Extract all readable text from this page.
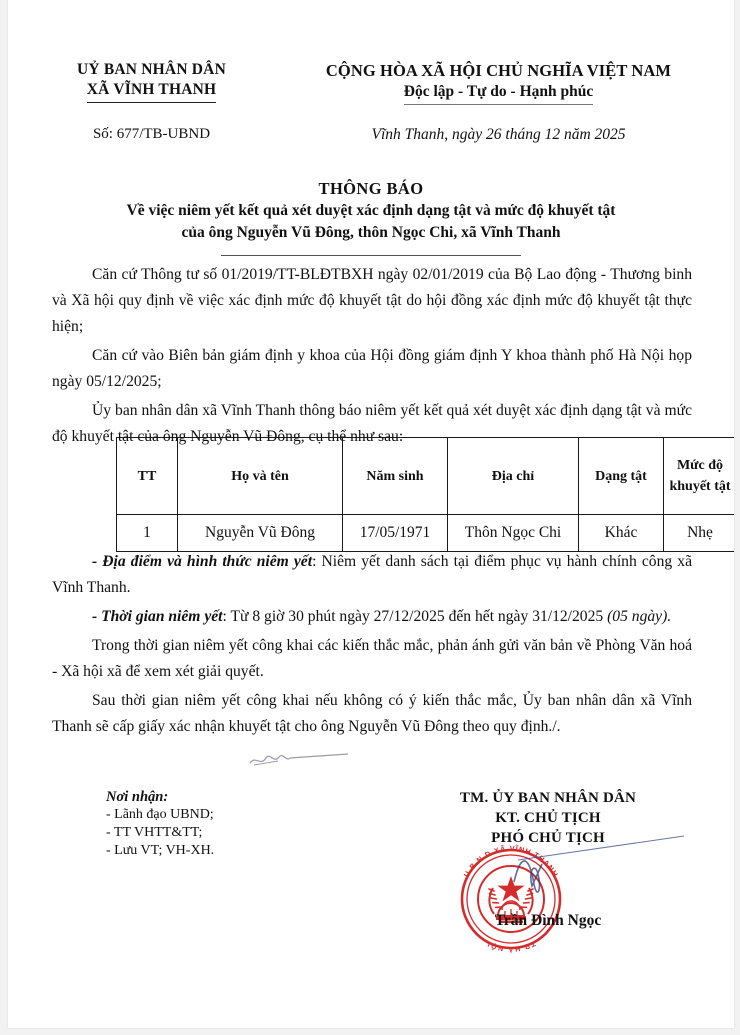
UỶ BAN NHÂN DÂN
XÃ VĨNH THANH
CỘNG HÒA XÃ HỘI CHỦ NGHĨA VIỆT NAM
Độc lập - Tự do - Hạnh phúc
Số: 677/TB-UBND	Vĩnh Thanh, ngày 26 tháng 12 năm 2025
THÔNG BÁO
Về việc niêm yết kết quả xét duyệt xác định dạng tật và mức độ khuyết tật
của ông Nguyễn Vũ Đông, thôn Ngọc Chi, xã Vĩnh Thanh

Căn cứ Thông tư số 01/2019/TT-BLĐTBXH ngày 02/01/2019 của Bộ Lao động - Thương binh và Xã hội quy định về việc xác định mức độ khuyết tật do hội đồng xác định mức độ khuyết tật thực hiện;

Căn cứ vào Biên bản giám định y khoa của Hội đồng giám định Y khoa thành phố Hà Nội họp ngày 05/12/2025;

Ủy ban nhân dân xã Vĩnh Thanh thông báo niêm yết kết quả xét duyệt xác định dạng tật và mức độ khuyết tật của ông Nguyễn Vũ Đông, cụ thể như sau:

TT	Họ và tên	Năm sinh	Địa chỉ	Dạng tật	Mức độ khuyết tật
1	Nguyễn Vũ Đông	17/05/1971	Thôn Ngọc Chi	Khác	Nhẹ

- Địa điểm và hình thức niêm yết: Niêm yết danh sách tại điểm phục vụ hành chính công xã Vĩnh Thanh.

- Thời gian niêm yết: Từ 8 giờ 30 phút ngày 27/12/2025 đến hết ngày 31/12/2025 (05 ngày).

Trong thời gian niêm yết công khai các kiến thắc mắc, phản ánh gửi văn bản về Phòng Văn hoá - Xã hội xã để xem xét giải quyết.

Sau thời gian niêm yết công khai nếu không có ý kiến thắc mắc, Ủy ban nhân dân xã Vĩnh Thanh sẽ cấp giấy xác nhận khuyết tật cho ông Nguyễn Vũ Đông theo quy định./.

Nơi nhận:
- Lãnh đạo UBND;
- TT VHTT&TT;
- Lưu VT; VH-XH.
TM. ỦY BAN NHÂN DÂN
KT. CHỦ TỊCH
PHÓ CHỦ TỊCH
U.B.N.D XÃ VĨNH THANH
TP HÀ NỘI
Trần Đình Ngọc
